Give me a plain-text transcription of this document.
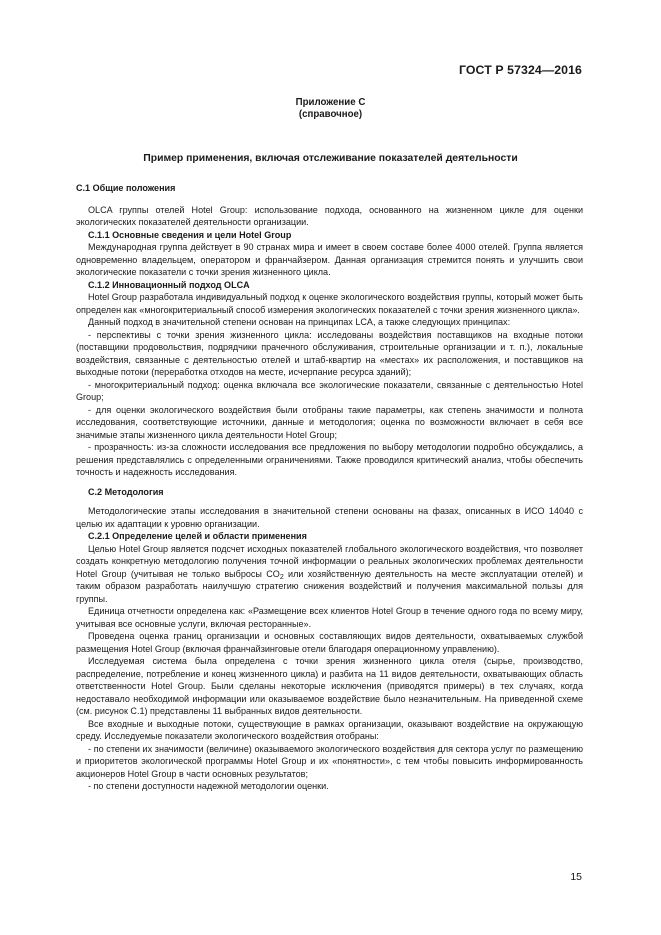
ГОСТ Р 57324—2016
Приложение С
(справочное)
Пример применения, включая отслеживание показателей деятельности

С.1 Общие положения

OLCA группы отелей Hotel Group: использование подхода, основанного на жизненном цикле для оценки экологических показателей деятельности организации.

С.1.1 Основные сведения и цели Hotel Group

Международная группа действует в 90 странах мира и имеет в своем составе более 4000 отелей. Группа является одновременно владельцем, оператором и франчайзером. Данная организация стремится понять и улучшить свои экологические показатели с точки зрения жизненного цикла.

С.1.2 Инновационный подход OLCA

Hotel Group разработала индивидуальный подход к оценке экологического воздействия группы, который может быть определен как «многокритериальный способ измерения экологических показателей с точки зрения жизненного цикла».

Данный подход в значительной степени основан на принципах LCA, а также следующих принципах:

- перспективы с точки зрения жизненного цикла: исследованы воздействия поставщиков на входные потоки (поставщики продовольствия, подрядчики прачечного обслуживания, строительные организации и т. п.), локальные воздействия, связанные с деятельностью отелей и штаб-квартир на «местах» их расположения, и поставщиков на выходные потоки (переработка отходов на месте, исчерпание ресурса зданий);

- многокритериальный подход: оценка включала все экологические показатели, связанные с деятельностью Hotel Group;

- для оценки экологического воздействия были отобраны такие параметры, как степень значимости и полнота исследования, соответствующие источники, данные и методология; оценка по возможности включает в себя все значимые этапы жизненного цикла деятельности Hotel Group;

- прозрачность: из-за сложности исследования все предложения по выбору методологии подробно обсуждались, а решения представлялись с определенными ограничениями. Также проводился критический анализ, чтобы обеспечить точность и надежность исследования.

С.2 Методология

Методологические этапы исследования в значительной степени основаны на фазах, описанных в ИСО 14040 с целью их адаптации к уровню организации.

С.2.1 Определение целей и области применения

Целью Hotel Group является подсчет исходных показателей глобального экологического воздействия, что позволяет создать конкретную методологию получения точной информации о реальных экологических проблемах деятельности Hotel Group (учитывая не только выбросы $CO_2$ или хозяйственную деятельность на месте эксплуатации отелей) и таким образом разработать наилучшую стратегию снижения воздействий и получения максимальной пользы для группы.

Единица отчетности определена как: «Размещение всех клиентов Hotel Group в течение одного года по всему миру, учитывая все основные услуги, включая ресторанные».

Проведена оценка границ организации и основных составляющих видов деятельности, охватываемых службой размещения Hotel Group (включая франчайзинговые отели благодаря операционному управлению).

Исследуемая система была определена с точки зрения жизненного цикла отеля (сырье, производство, распределение, потребление и конец жизненного цикла) и разбита на 11 видов деятельности, охватывающих область ответственности Hotel Group. Были сделаны некоторые исключения (приводятся примеры) в тех случаях, когда недоставало необходимой информации или оказываемое воздействие было незначительным. На приведенной схеме (см. рисунок С.1) представлены 11 выбранных видов деятельности.

Все входные и выходные потоки, существующие в рамках организации, оказывают воздействие на окружающую среду. Исследуемые показатели экологического воздействия отобраны:

- по степени их значимости (величине) оказываемого экологического воздействия для сектора услуг по размещению и приоритетов экологической программы Hotel Group и их «понятности», с тем чтобы повысить информированность акционеров Hotel Group в части основных результатов;

- по степени доступности надежной методологии оценки.

15
